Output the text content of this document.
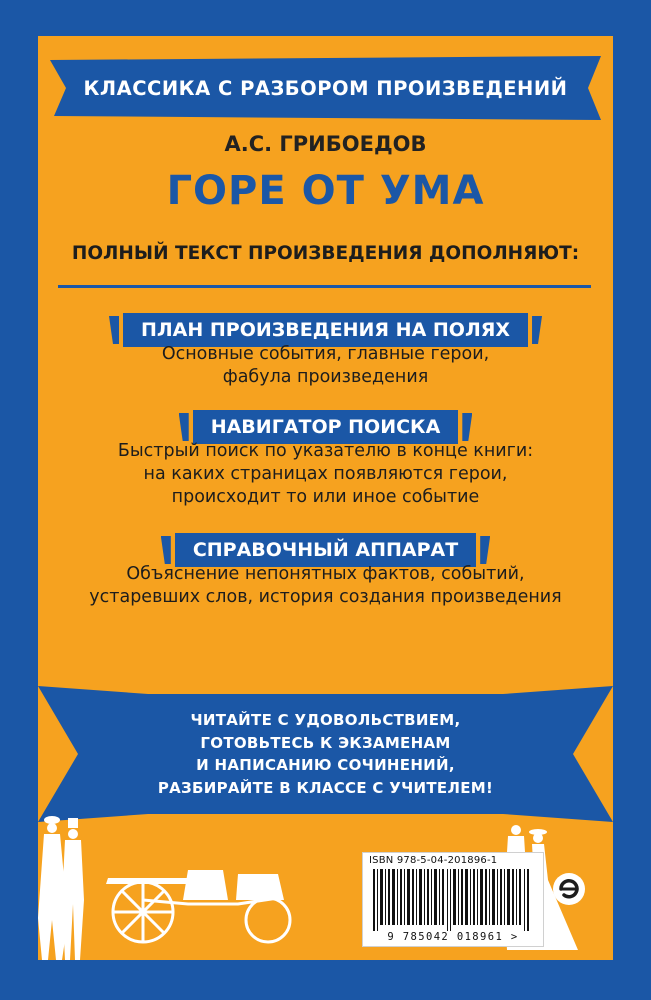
КЛАССИКА С РАЗБОРОМ ПРОИЗВЕДЕНИЙ
А.С. ГРИБОЕДОВ
ГОРЕ ОТ УМА
ПОЛНЫЙ ТЕКСТ ПРОИЗВЕДЕНИЯ ДОПОЛНЯЮТ:
ПЛАН ПРОИЗВЕДЕНИЯ НА ПОЛЯХ
Основные события, главные герои,
фабула произведения
НАВИГАТОР ПОИСКА
Быстрый поиск по указателю в конце книги:
на каких страницах появляются герои,
происходит то или иное событие
СПРАВОЧНЫЙ АППАРАТ
Объяснение непонятных фактов, событий,
устаревших слов, история создания произведения
ЧИТАЙТЕ С УДОВОЛЬСТВИЕМ,
ГОТОВЬТЕСЬ К ЭКЗАМЕНАМ
И НАПИСАНИЮ СОЧИНЕНИЙ,
РАЗБИРАЙТЕ В КЛАССЕ С УЧИТЕЛЕМ!
ISBN 978-5-04-201896-1
9 785042 018961 >
